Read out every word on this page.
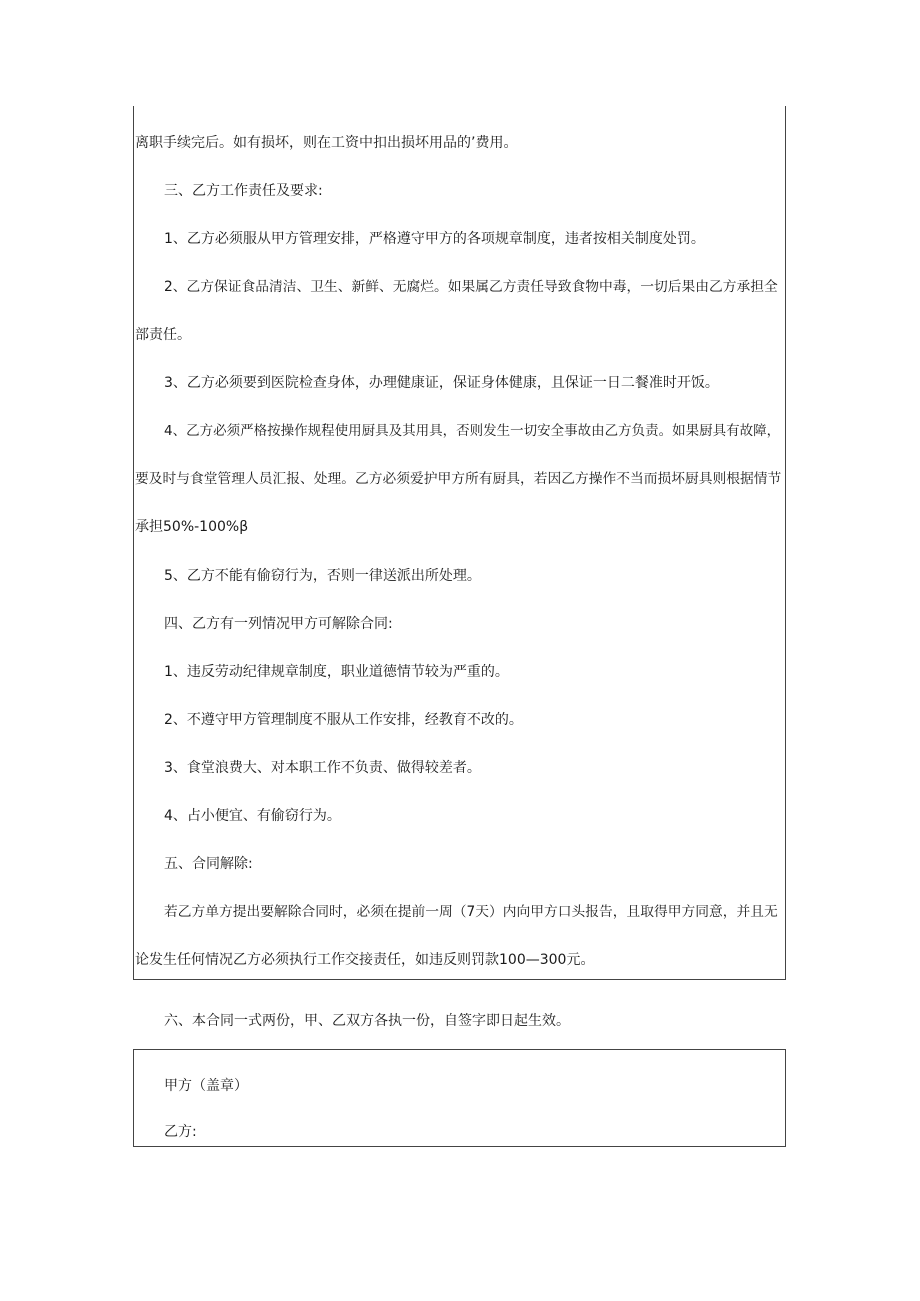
离职手续完后。如有损坏，则在工资中扣出损坏用品的’费用。
三、乙方工作责任及要求:
1、乙方必须服从甲方管理安排，严格遵守甲方的各项规章制度，违者按相关制度处罚。
2、乙方保证食品清洁、卫生、新鲜、无腐烂。如果属乙方责任导致食物中毒，一切后果由乙方承担全
部责任。
3、乙方必须要到医院检查身体，办理健康证，保证身体健康，且保证一日二餐准时开饭。
4、乙方必须严格按操作规程使用厨具及其用具，否则发生一切安全事故由乙方负责。如果厨具有故障，
要及时与食堂管理人员汇报、处理。乙方必须爱护甲方所有厨具，若因乙方操作不当而损坏厨具则根据情节
承担50%-100%β
5、乙方不能有偷窃行为，否则一律送派出所处理。
四、乙方有一列情况甲方可解除合同:
1、违反劳动纪律规章制度，职业道德情节较为严重的。
2、不遵守甲方管理制度不服从工作安排，经教育不改的。
3、食堂浪费大、对本职工作不负责、做得较差者。
4、占小便宜、有偷窃行为。
五、合同解除:
若乙方单方提出要解除合同时，必须在提前一周（7天）内向甲方口头报告，且取得甲方同意，并且无
论发生任何情况乙方必须执行工作交接责任，如违反则罚款100—300元。
六、本合同一式两份，甲、乙双方各执一份，自签字即日起生效。
甲方（盖章）
乙方:
